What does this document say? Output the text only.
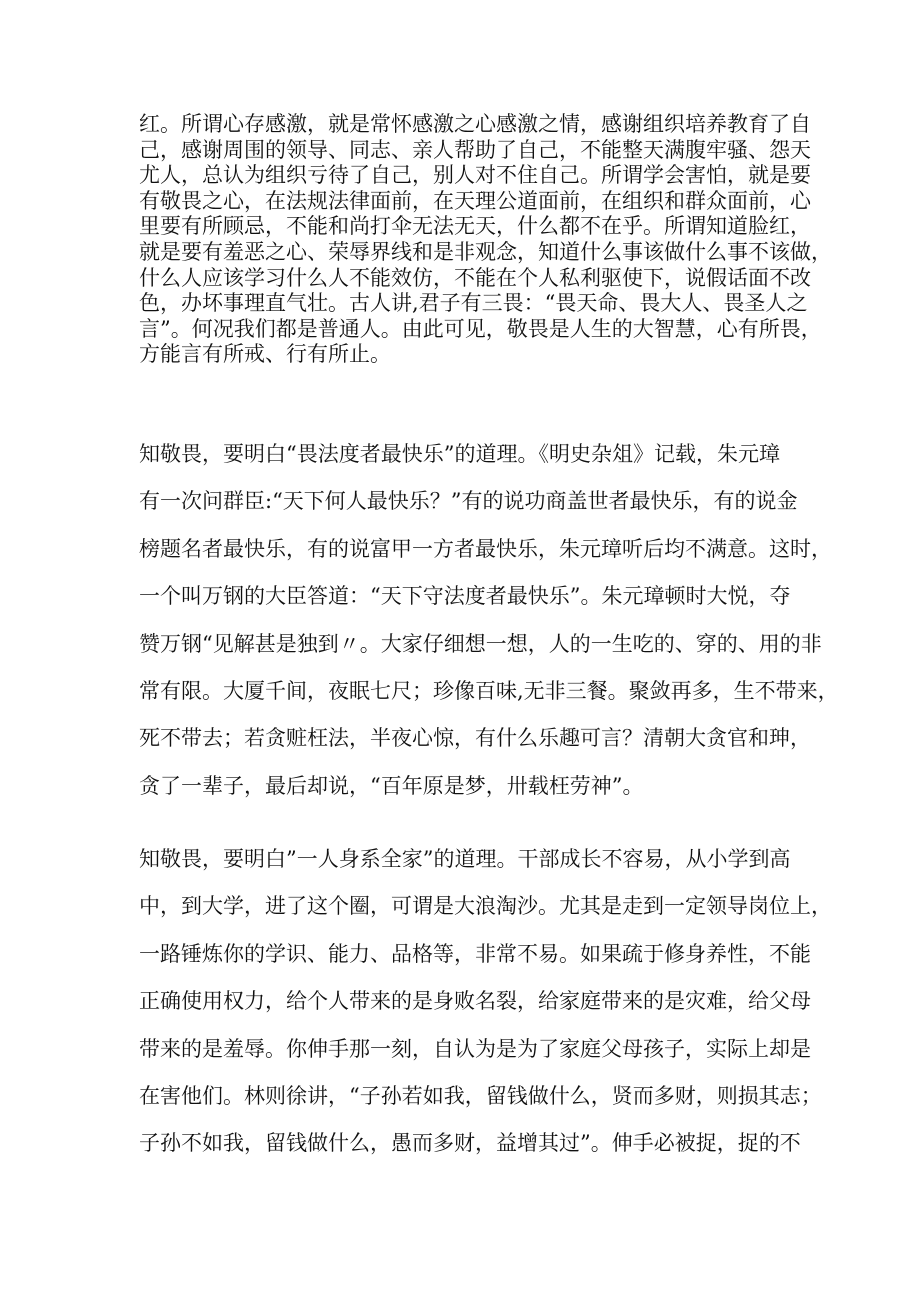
红。所谓心存感激，就是常怀感激之心感激之情，感谢组织培养教育了自
己，感谢周围的领导、同志、亲人帮助了自己，不能整天满腹牢骚、怨天
尤人，总认为组织亏待了自己，别人对不住自己。所谓学会害怕，就是要
有敬畏之心，在法规法律面前，在天理公道面前，在组织和群众面前，心
里要有所顾忌，不能和尚打伞无法无天，什么都不在乎。所谓知道脸红，
就是要有羞恶之心、荣辱界线和是非观念，知道什么事该做什么事不该做，
什么人应该学习什么人不能效仿，不能在个人私利驱使下，说假话面不改
色，办坏事理直气壮。古人讲,君子有三畏：“畏天命、畏大人、畏圣人之
言”。何况我们都是普通人。由此可见，敬畏是人生的大智慧，心有所畏，
方能言有所戒、行有所止。

知敬畏，要明白“畏法度者最快乐”的道理。《明史杂俎》记载，朱元璋
有一次问群臣:“天下何人最快乐？”有的说功商盖世者最快乐，有的说金
榜题名者最快乐，有的说富甲一方者最快乐，朱元璋听后均不满意。这时，
一个叫万钢的大臣答道：“天下守法度者最快乐”。朱元璋顿时大悦，夺
赞万钢“见解甚是独到〃。大家仔细想一想，人的一生吃的、穿的、用的非
常有限。大厦千间，夜眠七尺；珍像百味,无非三餐。聚敛再多，生不带来，
死不带去；若贪赃枉法，半夜心惊，有什么乐趣可言？清朝大贪官和珅，
贪了一辈子，最后却说，“百年原是梦，卅载枉劳神”。

知敬畏，要明白”一人身系全家”的道理。干部成长不容易，从小学到高
中，到大学，进了这个圈，可谓是大浪淘沙。尤其是走到一定领导岗位上，
一路锤炼你的学识、能力、品格等，非常不易。如果疏于修身养性，不能
正确使用权力，给个人带来的是身败名裂，给家庭带来的是灾难，给父母
带来的是羞辱。你伸手那一刻，自认为是为了家庭父母孩子，实际上却是
在害他们。林则徐讲，“子孙若如我，留钱做什么，贤而多财，则损其志；
子孙不如我，留钱做什么，愚而多财，益增其过”。伸手必被捉，捉的不
